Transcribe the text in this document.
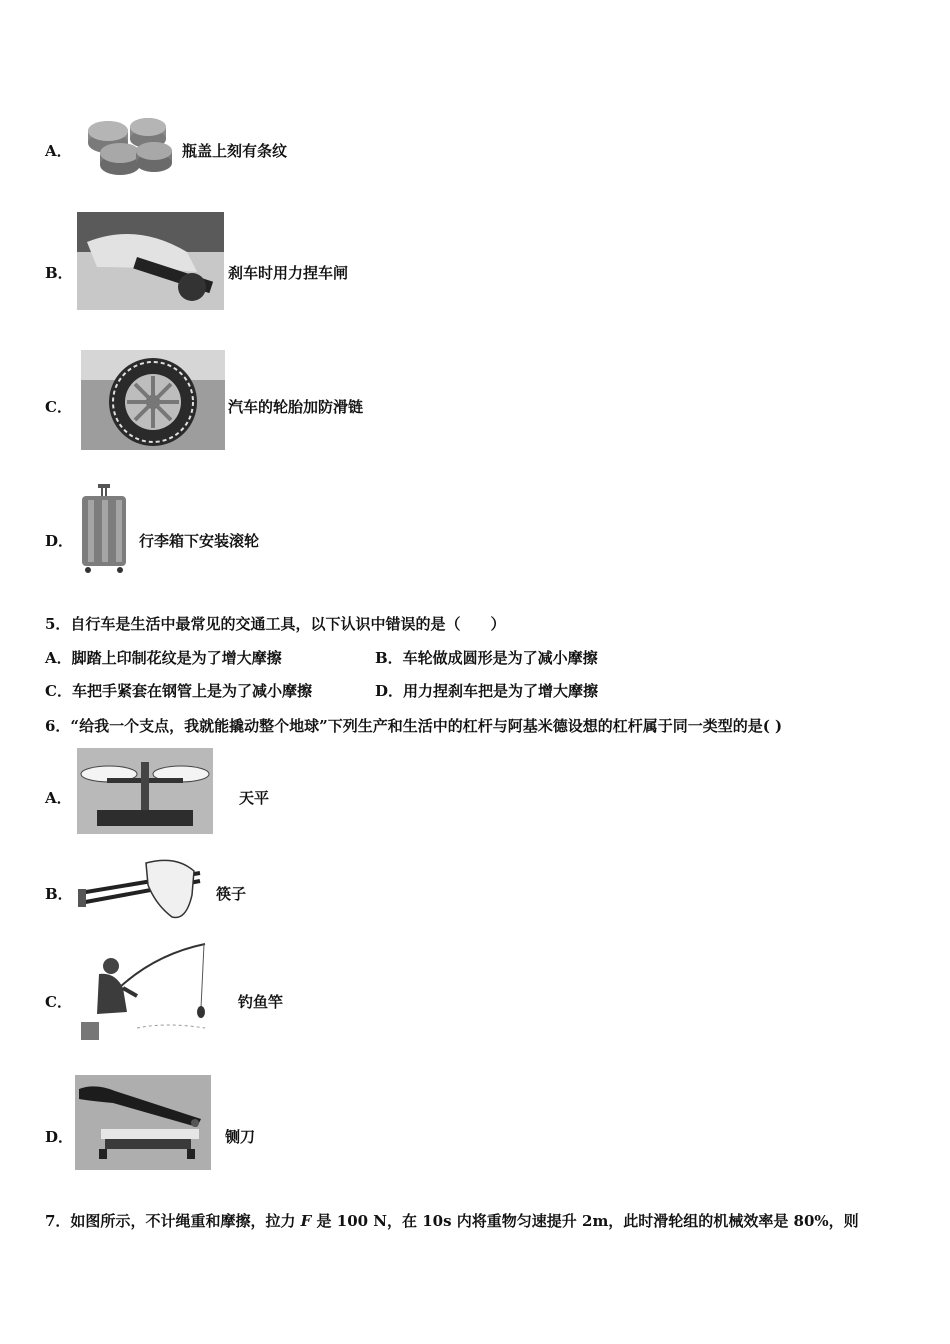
A．	瓶盖上刻有条纹
B．	刹车时用力捏车闸
C．	汽车的轮胎加防滑链
D．	行李箱下安装滚轮
5．自行车是生活中最常见的交通工具，以下认识中错误的是（　　）
A．脚踏上印制花纹是为了增大摩擦	B．车轮做成圆形是为了减小摩擦
C．车把手紧套在钢管上是为了减小摩擦	D．用力捏刹车把是为了增大摩擦
6．“给我一个支点，我就能撬动整个地球”下列生产和生活中的杠杆与阿基米德设想的杠杆属于同一类型的是( )
A．	天平
B．	筷子
C．	钓鱼竿
D．	铡刀
7．如图所示，不计绳重和摩擦，拉力 F 是 100 N，在 10s 内将重物匀速提升 2m，此时滑轮组的机械效率是 80%，则
